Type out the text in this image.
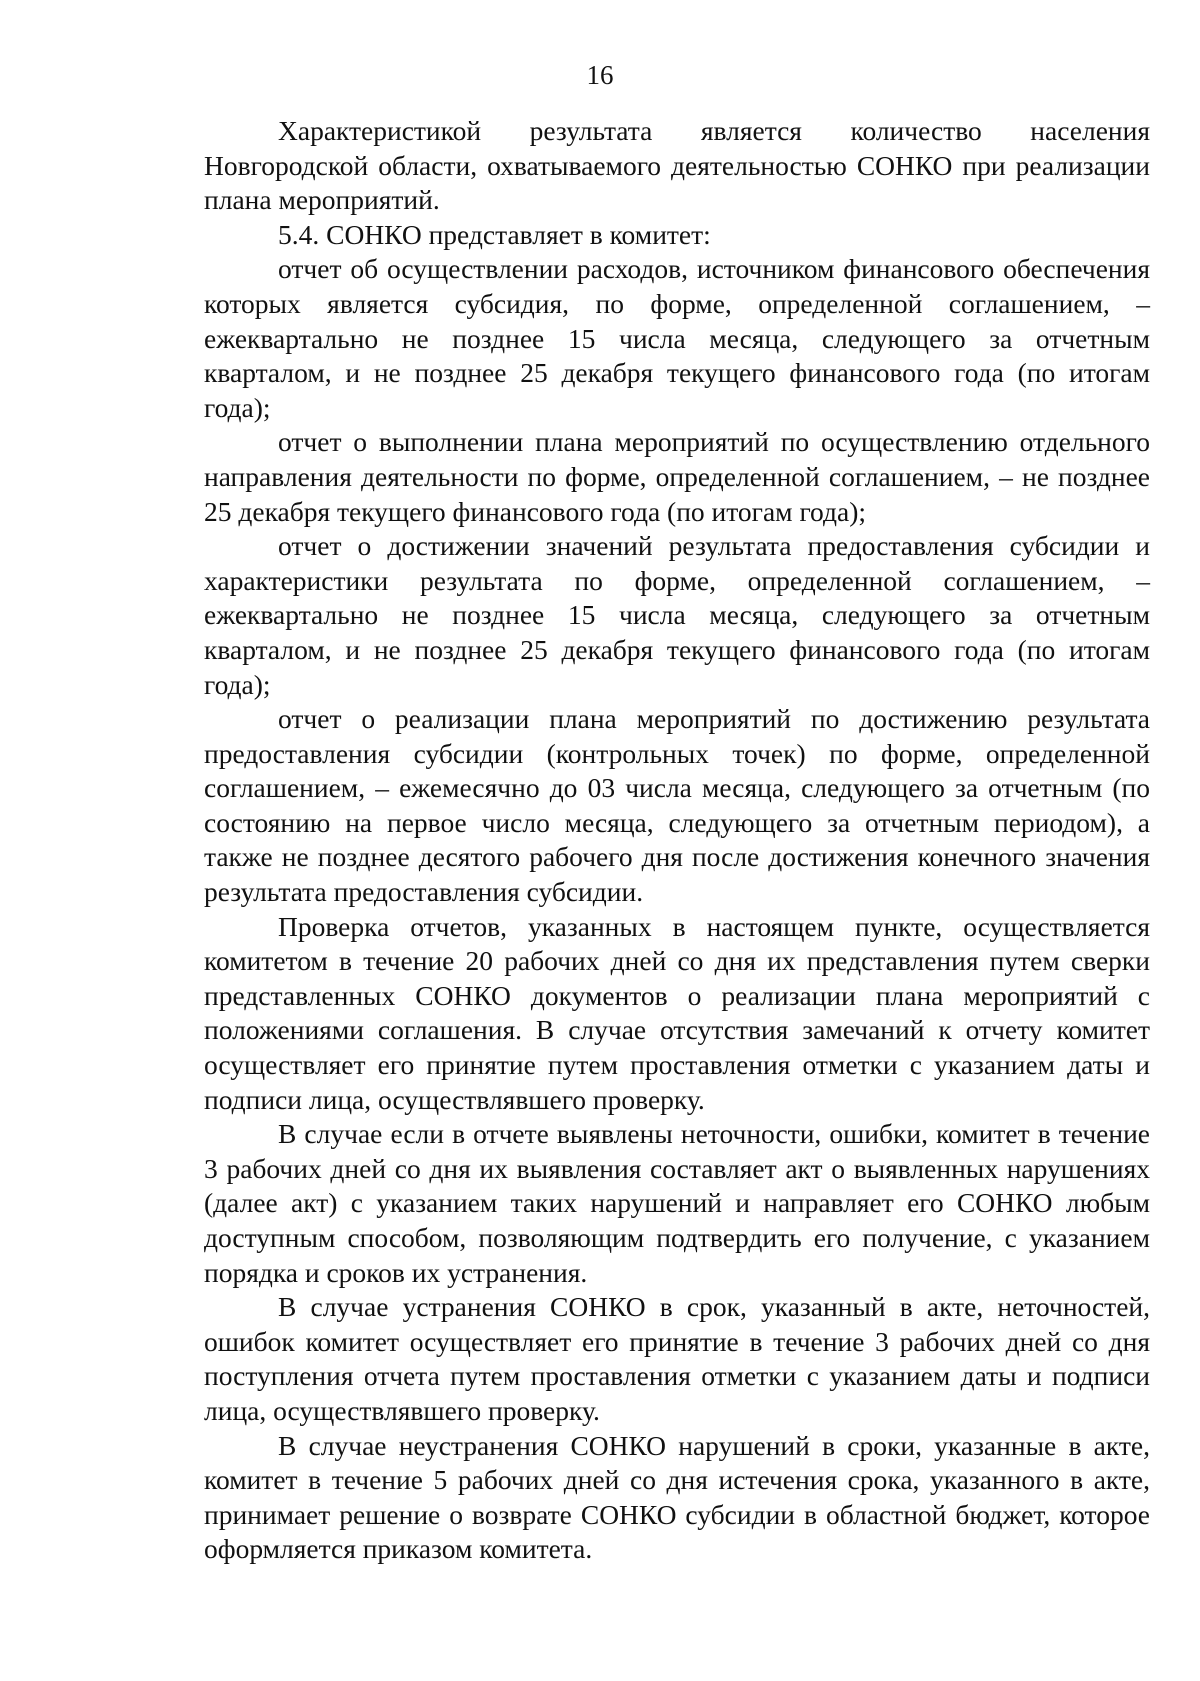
16

Характеристикой результата является количество населения Новгородской области, охватываемого деятельностью СОНКО при реализации плана мероприятий.

5.4. СОНКО представляет в комитет:

отчет об осуществлении расходов, источником финансового обеспечения которых является субсидия, по форме, определенной соглашением, – ежеквартально не позднее 15 числа месяца, следующего за отчетным кварталом, и не позднее 25 декабря текущего финансового года (по итогам года);

отчет о выполнении плана мероприятий по осуществлению отдельного направления деятельности по форме, определенной соглашением, – не позднее 25 декабря текущего финансового года (по итогам года);

отчет о достижении значений результата предоставления субсидии и характеристики результата по форме, определенной соглашением, – ежеквартально не позднее 15 числа месяца, следующего за отчетным кварталом, и не позднее 25 декабря текущего финансового года (по итогам года);

отчет о реализации плана мероприятий по достижению результата предоставления субсидии (контрольных точек) по форме, определенной соглашением, – ежемесячно до 03 числа месяца, следующего за отчетным (по состоянию на первое число месяца, следующего за отчетным периодом), а также не позднее десятого рабочего дня после достижения конечного значения результата предоставления субсидии.

Проверка отчетов, указанных в настоящем пункте, осуществляется комитетом в течение 20 рабочих дней со дня их представления путем сверки представленных СОНКО документов о реализации плана мероприятий с положениями соглашения. В случае отсутствия замечаний к отчету комитет осуществляет его принятие путем проставления отметки с указанием даты и подписи лица, осуществлявшего проверку.

В случае если в отчете выявлены неточности, ошибки, комитет в течение 3 рабочих дней со дня их выявления составляет акт о выявленных нарушениях (далее акт) с указанием таких нарушений и направляет его СОНКО любым доступным способом, позволяющим подтвердить его получение, с указанием порядка и сроков их устранения.

В случае устранения СОНКО в срок, указанный в акте, неточностей, ошибок комитет осуществляет его принятие в течение 3 рабочих дней со дня поступления отчета путем проставления отметки с указанием даты и подписи лица, осуществлявшего проверку.

В случае неустранения СОНКО нарушений в сроки, указанные в акте, комитет в течение 5 рабочих дней со дня истечения срока, указанного в акте, принимает решение о возврате СОНКО субсидии в областной бюджет, которое оформляется приказом комитета.
